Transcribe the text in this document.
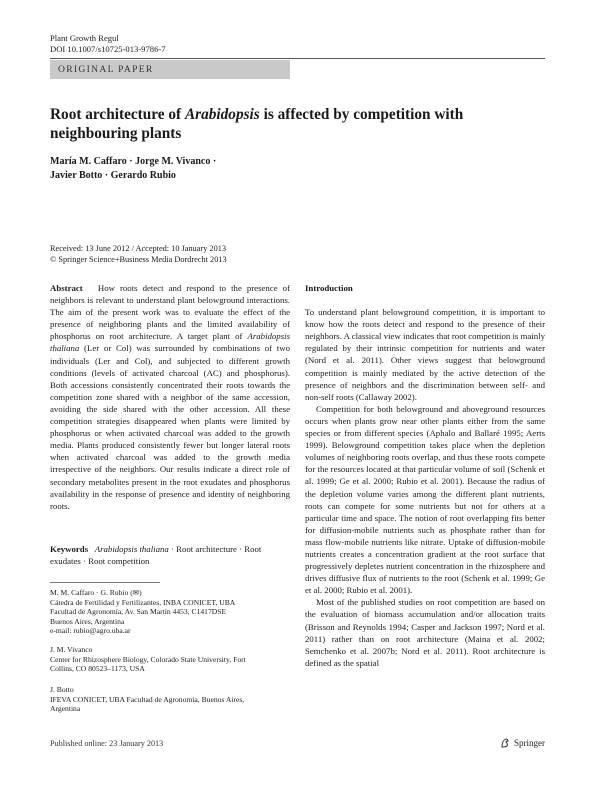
Plant Growth Regul
DOI 10.1007/s10725-013-9786-7
ORIGINAL PAPER
Root architecture of Arabidopsis is affected by competition with neighbouring plants
María M. Caffaro · Jorge M. Vivanco ·
Javier Botto · Gerardo Rubio
Received: 13 June 2012 / Accepted: 10 January 2013
© Springer Science+Business Media Dordrecht 2013

Abstract How roots detect and respond to the presence of neighbors is relevant to understand plant belowground interactions. The aim of the present work was to evaluate the effect of the presence of neighboring plants and the limited availability of phosphorus on root architecture. A target plant of Arabidopsis thaliana (Ler or Col) was surrounded by combinations of two individuals (Ler and Col), and subjected to different growth conditions (levels of activated charcoal (AC) and phosphorus). Both accessions consistently concentrated their roots towards the competition zone shared with a neighbor of the same accession, avoiding the side shared with the other accession. All these competition strategies disappeared when plants were limited by phosphorus or when activated charcoal was added to the growth media. Plants produced consistently fewer but longer lateral roots when activated charcoal was added to the growth media irrespective of the neighbors. Our results indicate a direct role of secondary metabolites present in the root exudates and phosphorus availability in the response of presence and identity of neighboring roots.

Keywords Arabidopsis thaliana · Root architecture · Root exudates · Root competition

M. M. Caffaro · G. Rubio (✉)

Cátedra de Fertilidad y Fertilizantes, INBA CONICET, UBA

Facultad de Agronomía, Av. San Martín 4453, C1417DSE

Buenos Aires, Argentina

e-mail: rubio@agro.uba.ar

J. M. Vivanco

Center for Rhizosphere Biology, Colorado State University, Fort

Collins, CO 80523–1173, USA

J. Botto

IFEVA CONICET, UBA Facultad de Agronomía, Buenos Aires,

Argentina

Introduction

To understand plant belowground competition, it is important to know how the roots detect and respond to the presence of their neighbors. A classical view indicates that root competition is mainly regulated by their intrinsic competition for nutrients and water (Nord et al. 2011). Other views suggest that belowground competition is mainly mediated by the active detection of the presence of neighbors and the discrimination between self- and non-self roots (Callaway 2002).

Competition for both belowground and aboveground resources occurs when plants grow near other plants either from the same species or from different species (Aphalo and Ballaré 1995; Aerts 1999). Belowground competition takes place when the depletion volumes of neighboring roots overlap, and thus these roots compete for the resources located at that particular volume of soil (Schenk et al. 1999; Ge et al. 2000; Rubio et al. 2001). Because the radius of the depletion volume varies among the different plant nutrients, roots can compete for some nutrients but not for others at a particular time and space. The notion of root overlapping fits better for diffusion-mobile nutrients such as phosphate rather than for mass flow-mobile nutrients like nitrate. Uptake of diffusion-mobile nutrients creates a concentration gradient at the root surface that progressively depletes nutrient concentration in the rhizosphere and drives diffusive flux of nutrients to the root (Schenk et al. 1999; Ge et al. 2000; Rubio et al. 2001).

Most of the published studies on root competition are based on the evaluation of biomass accumulation and/or allocation traits (Brisson and Reynolds 1994; Casper and Jackson 1997; Nord et al. 2011) rather than on root architecture (Maina et al. 2002; Semchenko et al. 2007b; Nord et al. 2011). Root architecture is defined as the spatial

Published online: 23 January 2013	Springer
